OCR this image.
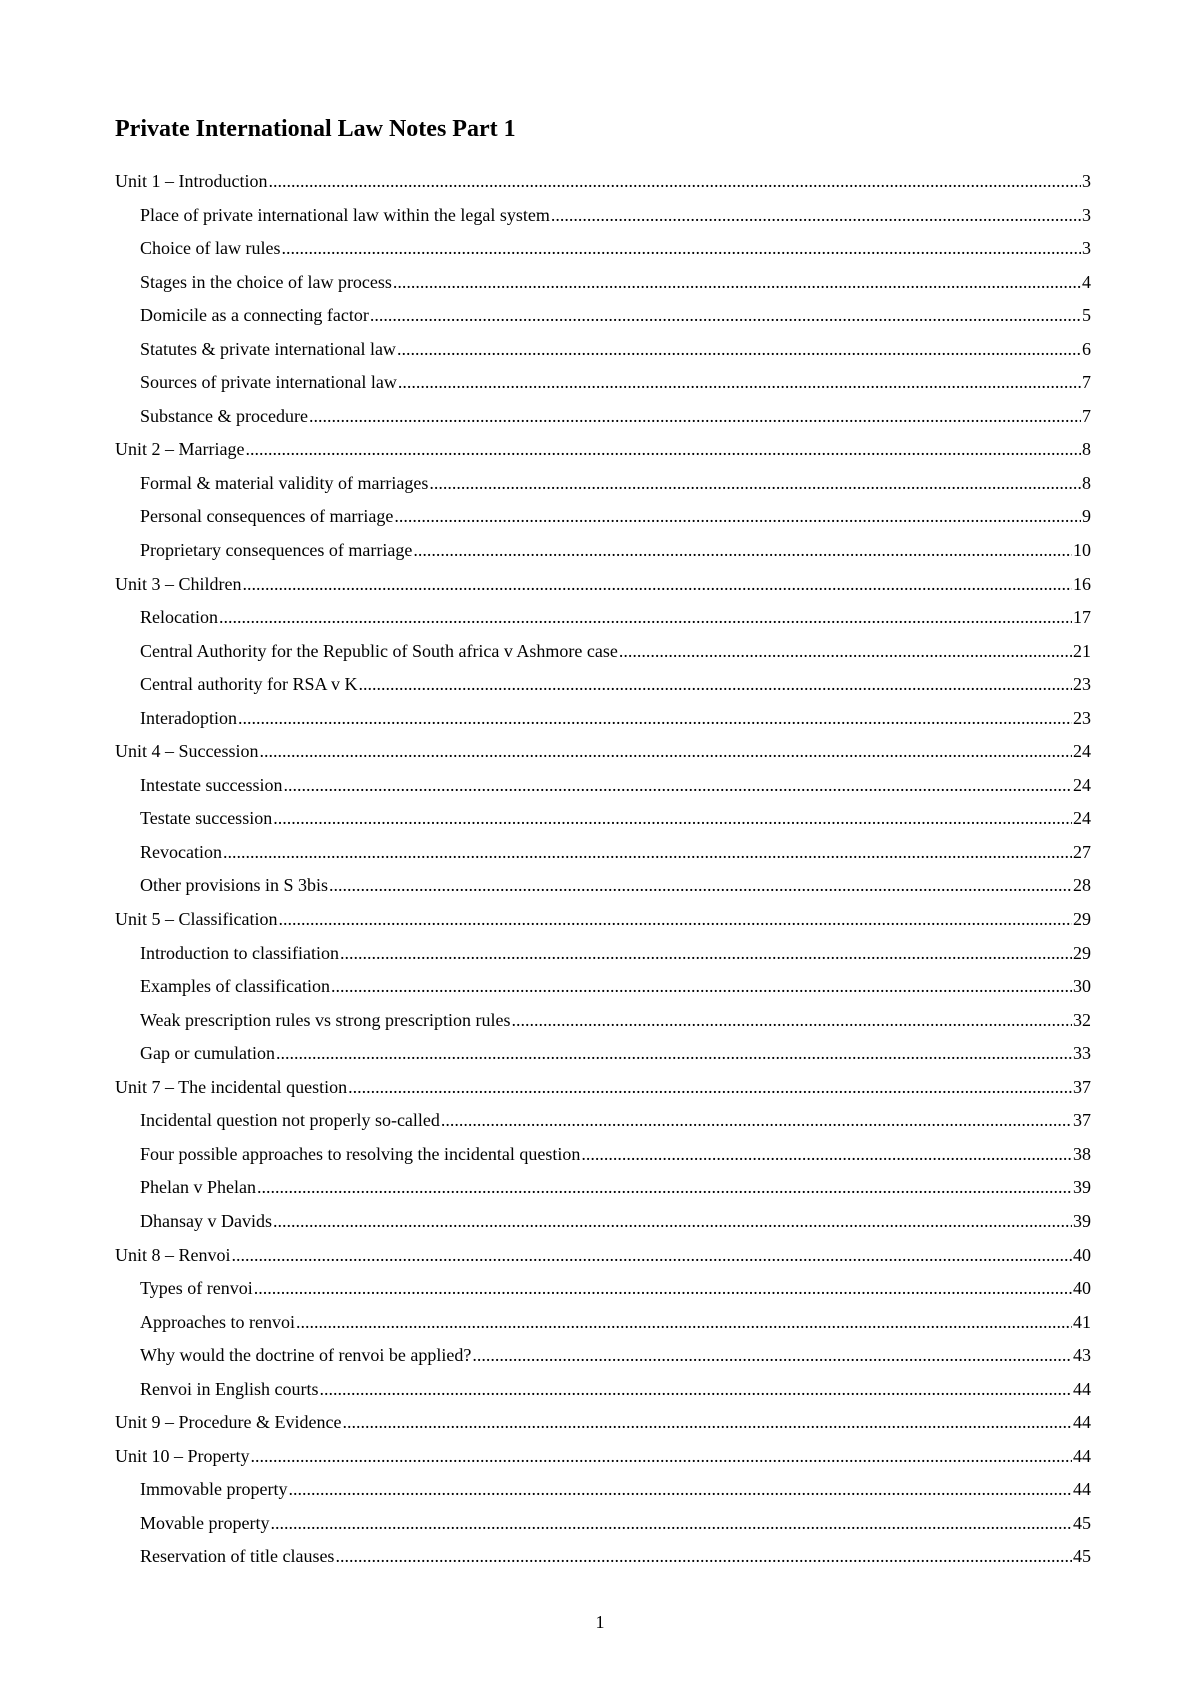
Private International Law Notes Part 1
Unit 1 – Introduction .....	3
Place of private international law within the legal system .....	3
Choice of law rules .....	3
Stages in the choice of law process .....	4
Domicile as a connecting factor .....	5
Statutes & private international law .....	6
Sources of private international law .....	7
Substance & procedure .....	7
Unit 2 – Marriage .....	8
Formal & material validity of marriages .....	8
Personal consequences of marriage .....	9
Proprietary consequences of marriage .....	10
Unit 3 – Children .....	16
Relocation .....	17
Central Authority for the Republic of South africa v Ashmore case .....	21
Central authority for RSA v K .....	23
Interadoption .....	23
Unit 4 – Succession .....	24
Intestate succession .....	24
Testate succession .....	24
Revocation .....	27
Other provisions in S 3bis .....	28
Unit 5 – Classification .....	29
Introduction to classifiation .....	29
Examples of classification .....	30
Weak prescription rules vs strong prescription rules .....	32
Gap or cumulation .....	33
Unit 7 – The incidental question .....	37
Incidental question not properly so-called .....	37
Four possible approaches to resolving the incidental question .....	38
Phelan v Phelan .....	39
Dhansay v Davids .....	39
Unit 8 – Renvoi .....	40
Types of renvoi .....	40
Approaches to renvoi .....	41
Why would the doctrine of renvoi be applied? .....	43
Renvoi in English courts .....	44
Unit 9 – Procedure & Evidence .....	44
Unit 10 – Property .....	44
Immovable property .....	44
Movable property .....	45
Reservation of title clauses .....	45
1
